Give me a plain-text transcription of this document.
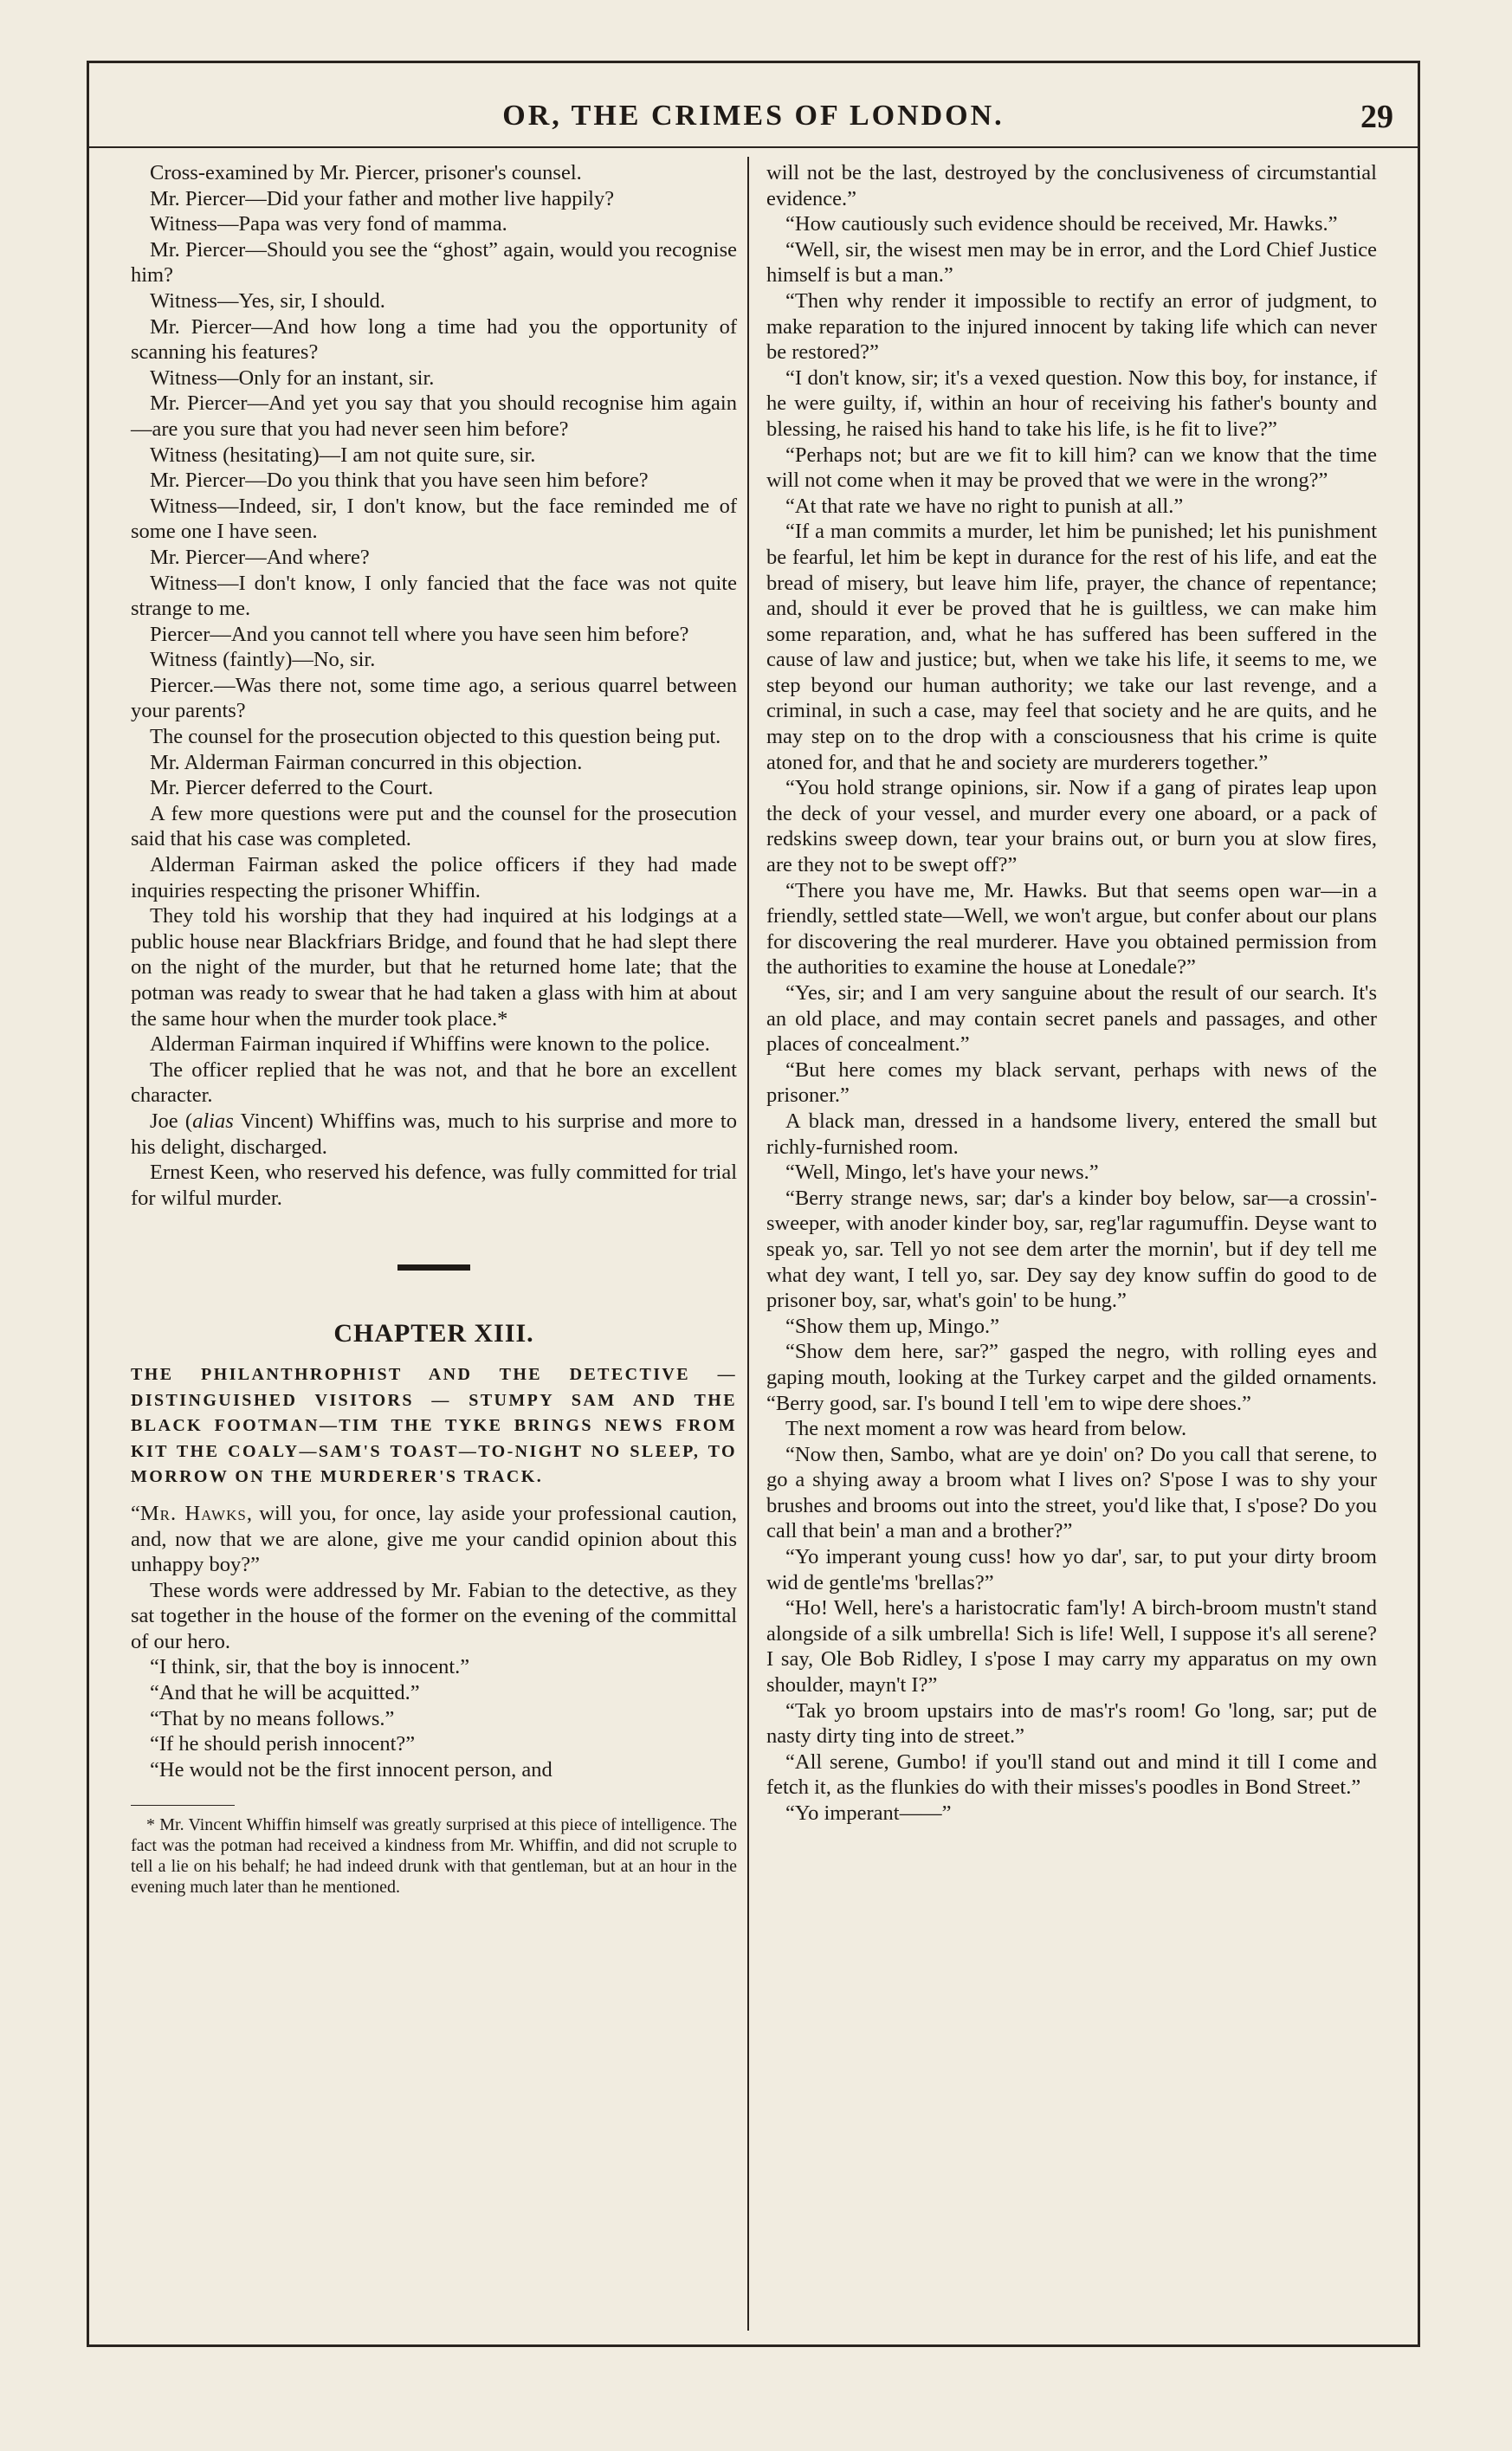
OR, THE CRIMES OF LONDON.	29

Cross-examined by Mr. Piercer, prisoner's counsel.

Mr. Piercer—Did your father and mother live happily?

Witness—Papa was very fond of mamma.

Mr. Piercer—Should you see the “ghost” again, would you recognise him?

Witness—Yes, sir, I should.

Mr. Piercer—And how long a time had you the opportunity of scanning his features?

Witness—Only for an instant, sir.

Mr. Piercer—And yet you say that you should recognise him again—are you sure that you had never seen him before?

Witness (hesitating)—I am not quite sure, sir.

Mr. Piercer—Do you think that you have seen him before?

Witness—Indeed, sir, I don't know, but the face reminded me of some one I have seen.

Mr. Piercer—And where?

Witness—I don't know, I only fancied that the face was not quite strange to me.

Piercer—And you cannot tell where you have seen him before?

Witness (faintly)—No, sir.

Piercer.—Was there not, some time ago, a serious quarrel between your parents?

The counsel for the prosecution objected to this question being put.

Mr. Alderman Fairman concurred in this objection.

Mr. Piercer deferred to the Court.

A few more questions were put and the counsel for the prosecution said that his case was completed.

Alderman Fairman asked the police officers if they had made inquiries respecting the prisoner Whiffin.

They told his worship that they had inquired at his lodgings at a public house near Blackfriars Bridge, and found that he had slept there on the night of the murder, but that he returned home late; that the potman was ready to swear that he had taken a glass with him at about the same hour when the murder took place.*

Alderman Fairman inquired if Whiffins were known to the police.

The officer replied that he was not, and that he bore an excellent character.

Joe (alias Vincent) Whiffins was, much to his surprise and more to his delight, discharged.

Ernest Keen, who reserved his defence, was fully committed for trial for wilful murder.

CHAPTER XIII.
THE PHILANTHROPHIST AND THE DETECTIVE — DISTINGUISHED VISITORS — STUMPY SAM AND THE BLACK FOOTMAN—TIM THE TYKE BRINGS NEWS FROM KIT THE COALY—SAM'S TOAST—TO-NIGHT NO SLEEP, TO MORROW ON THE MURDERER'S TRACK.

“Mr. Hawks, will you, for once, lay aside your professional caution, and, now that we are alone, give me your candid opinion about this unhappy boy?”

These words were addressed by Mr. Fabian to the detective, as they sat together in the house of the former on the evening of the committal of our hero.

“I think, sir, that the boy is innocent.”

“And that he will be acquitted.”

“That by no means follows.”

“If he should perish innocent?”

“He would not be the first innocent person, and

* Mr. Vincent Whiffin himself was greatly surprised at this piece of intelligence. The fact was the potman had received a kindness from Mr. Whiffin, and did not scruple to tell a lie on his behalf; he had indeed drunk with that gentleman, but at an hour in the evening much later than he mentioned.

will not be the last, destroyed by the conclusiveness of circumstantial evidence.”

“How cautiously such evidence should be received, Mr. Hawks.”

“Well, sir, the wisest men may be in error, and the Lord Chief Justice himself is but a man.”

“Then why render it impossible to rectify an error of judgment, to make reparation to the injured innocent by taking life which can never be restored?”

“I don't know, sir; it's a vexed question. Now this boy, for instance, if he were guilty, if, within an hour of receiving his father's bounty and blessing, he raised his hand to take his life, is he fit to live?”

“Perhaps not; but are we fit to kill him? can we know that the time will not come when it may be proved that we were in the wrong?”

“At that rate we have no right to punish at all.”

“If a man commits a murder, let him be punished; let his punishment be fearful, let him be kept in durance for the rest of his life, and eat the bread of misery, but leave him life, prayer, the chance of repentance; and, should it ever be proved that he is guiltless, we can make him some reparation, and, what he has suffered has been suffered in the cause of law and justice; but, when we take his life, it seems to me, we step beyond our human authority; we take our last revenge, and a criminal, in such a case, may feel that society and he are quits, and he may step on to the drop with a consciousness that his crime is quite atoned for, and that he and society are murderers together.”

“You hold strange opinions, sir. Now if a gang of pirates leap upon the deck of your vessel, and murder every one aboard, or a pack of redskins sweep down, tear your brains out, or burn you at slow fires, are they not to be swept off?”

“There you have me, Mr. Hawks. But that seems open war—in a friendly, settled state—Well, we won't argue, but confer about our plans for discovering the real murderer. Have you obtained permission from the authorities to examine the house at Lonedale?”

“Yes, sir; and I am very sanguine about the result of our search. It's an old place, and may contain secret panels and passages, and other places of concealment.”

“But here comes my black servant, perhaps with news of the prisoner.”

A black man, dressed in a handsome livery, entered the small but richly-furnished room.

“Well, Mingo, let's have your news.”

“Berry strange news, sar; dar's a kinder boy below, sar—a crossin'-sweeper, with anoder kinder boy, sar, reg'lar ragumuffin. Deyse want to speak yo, sar. Tell yo not see dem arter the mornin', but if dey tell me what dey want, I tell yo, sar. Dey say dey know suffin do good to de prisoner boy, sar, what's goin' to be hung.”

“Show them up, Mingo.”

“Show dem here, sar?” gasped the negro, with rolling eyes and gaping mouth, looking at the Turkey carpet and the gilded ornaments. “Berry good, sar. I's bound I tell 'em to wipe dere shoes.”

The next moment a row was heard from below.

“Now then, Sambo, what are ye doin' on? Do you call that serene, to go a shying away a broom what I lives on? S'pose I was to shy your brushes and brooms out into the street, you'd like that, I s'pose? Do you call that bein' a man and a brother?”

“Yo imperant young cuss! how yo dar', sar, to put your dirty broom wid de gentle'ms 'brellas?”

“Ho! Well, here's a haristocratic fam'ly! A birch-broom mustn't stand alongside of a silk umbrella! Sich is life! Well, I suppose it's all serene? I say, Ole Bob Ridley, I s'pose I may carry my apparatus on my own shoulder, mayn't I?”

“Tak yo broom upstairs into de mas'r's room! Go 'long, sar; put de nasty dirty ting into de street.”

“All serene, Gumbo! if you'll stand out and mind it till I come and fetch it, as the flunkies do with their misses's poodles in Bond Street.”

“Yo imperant——”
